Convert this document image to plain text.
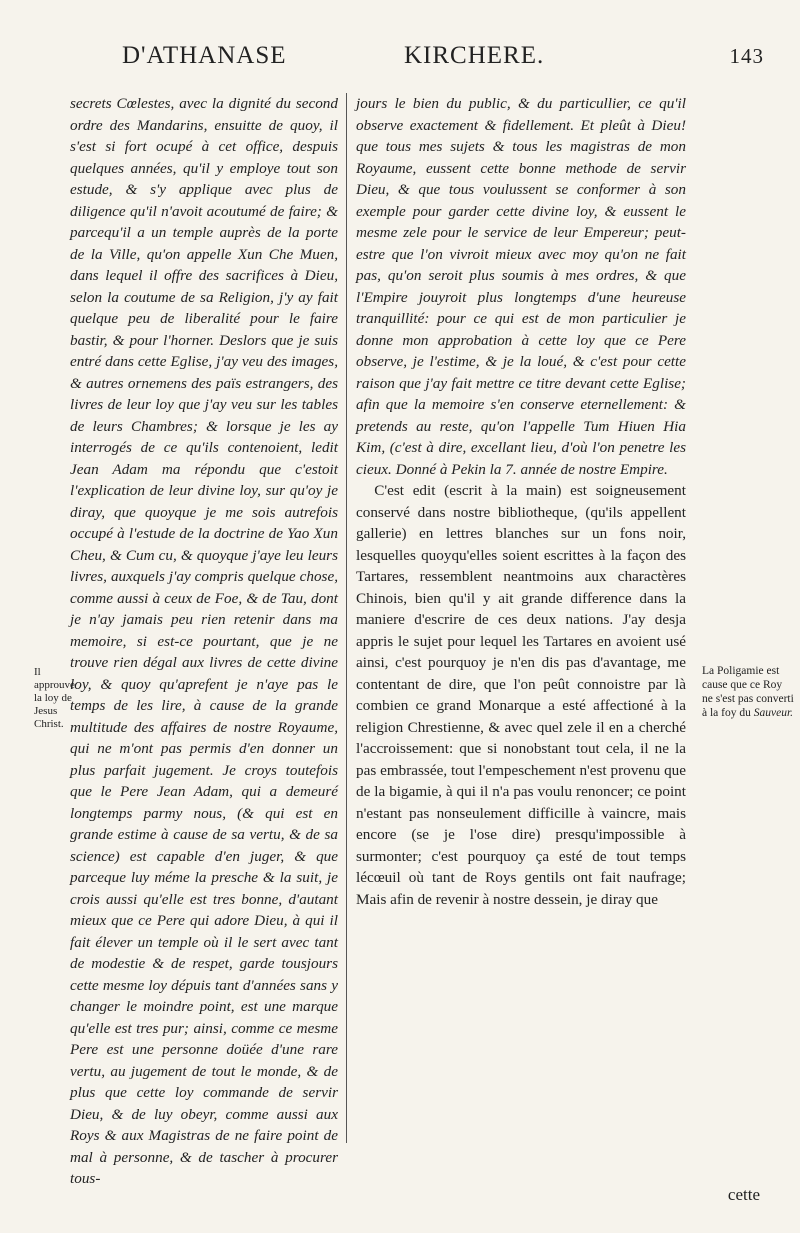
D'ATHANASE	KIRCHERE.	143
Il approuve la loy de Jesus Christ.

secrets Cœlestes, avec la dignité du second ordre des Mandarins, ensuitte de quoy, il s'est si fort ocupé à cet office, despuis quelques années, qu'il y employe tout son estude, & s'y applique avec plus de diligence qu'il n'avoit acoutumé de faire; & parcequ'il a un temple auprès de la porte de la Ville, qu'on appelle Xun Che Muen, dans lequel il offre des sacrifices à Dieu, selon la coutume de sa Religion, j'y ay fait quelque peu de liberalité pour le faire bastir, & pour l'horner. Deslors que je suis entré dans cette Eglise, j'ay veu des images, & autres ornemens des païs estrangers, des livres de leur loy que j'ay veu sur les tables de leurs Chambres; & lorsque je les ay interrogés de ce qu'ils contenoient, ledit Jean Adam ma répondu que c'estoit l'explication de leur divine loy, sur qu'oy je diray, que quoyque je me sois autrefois occupé à l'estude de la doctrine de Yao Xun Cheu, & Cum cu, & quoyque j'aye leu leurs livres, auxquels j'ay compris quelque chose, comme aussi à ceux de Foe, & de Tau, dont je n'ay jamais peu rien retenir dans ma memoire, si est-ce pourtant, que je ne trouve rien dégal aux livres de cette divine loy, & quoy qu'aprefent je n'aye pas le temps de les lire, à cause de la grande multitude des affaires de nostre Royaume, qui ne m'ont pas permis d'en donner un plus parfait jugement. Je croys toutefois que le Pere Jean Adam, qui a demeuré longtemps parmy nous, (& qui est en grande estime à cause de sa vertu, & de sa science) est capable d'en juger, & que parceque luy méme la presche & la suit, je crois aussi qu'elle est tres bonne, d'autant mieux que ce Pere qui adore Dieu, à qui il fait élever un temple où il le sert avec tant de modestie & de respet, garde tousjours cette mesme loy dépuis tant d'années sans y changer le moindre point, est une marque qu'elle est tres pur; ainsi, comme ce mesme Pere est une personne doüée d'une rare vertu, au jugement de tout le monde, & de plus que cette loy commande de servir Dieu, & de luy obeyr, comme aussi aux Roys & aux Magistras de ne faire point de mal à personne, & de tascher à procurer tous-

jours le bien du public, & du particullier, ce qu'il observe exactement & fidellement. Et pleût à Dieu! que tous mes sujets & tous les magistras de mon Royaume, eussent cette bonne methode de servir Dieu, & que tous voulussent se conformer à son exemple pour garder cette divine loy, & eussent le mesme zele pour le service de leur Empereur; peut-estre que l'on vivroit mieux avec moy qu'on ne fait pas, qu'on seroit plus soumis à mes ordres, & que l'Empire jouyroit plus longtemps d'une heureuse tranquillité: pour ce qui est de mon particulier je donne mon approbation à cette loy que ce Pere observe, je l'estime, & je la loué, & c'est pour cette raison que j'ay fait mettre ce titre devant cette Eglise; afin que la memoire s'en conserve eternellement: & pretends au reste, qu'on l'appelle Tum Hiuen Hia Kim, (c'est à dire, excellant lieu, d'où l'on penetre les cieux. Donné à Pekin la 7. année de nostre Empire.

C'est edit (escrit à la main) est soigneusement conservé dans nostre bibliotheque, (qu'ils appellent gallerie) en lettres blanches sur un fons noir, lesquelles quoyqu'elles soient escrittes à la façon des Tartares, ressemblent neantmoins aux charactères Chinois, bien qu'il y ait grande difference dans la maniere d'escrire de ces deux nations. J'ay desja appris le sujet pour lequel les Tartares en avoient usé ainsi, c'est pourquoy je n'en dis pas d'avantage, me contentant de dire, que l'on peût connoistre par là combien ce grand Monarque a esté affectioné à la religion Chrestienne, & avec quel zele il en a cherché l'accroissement: que si nonobstant tout cela, il ne la pas embrassée, tout l'empeschement n'est provenu que de la bigamie, à qui il n'a pas voulu renoncer; ce point n'estant pas nonseulement difficille à vaincre, mais encore (se je l'ose dire) presqu'impossible à surmonter; c'est pourquoy ça esté de tout temps lécœuil où tant de Roys gentils ont fait naufrage; Mais afin de revenir à nostre dessein, je diray que

cette
La Poligamie est cause que ce Roy ne s'est pas converti à la foy du Sauveur.
